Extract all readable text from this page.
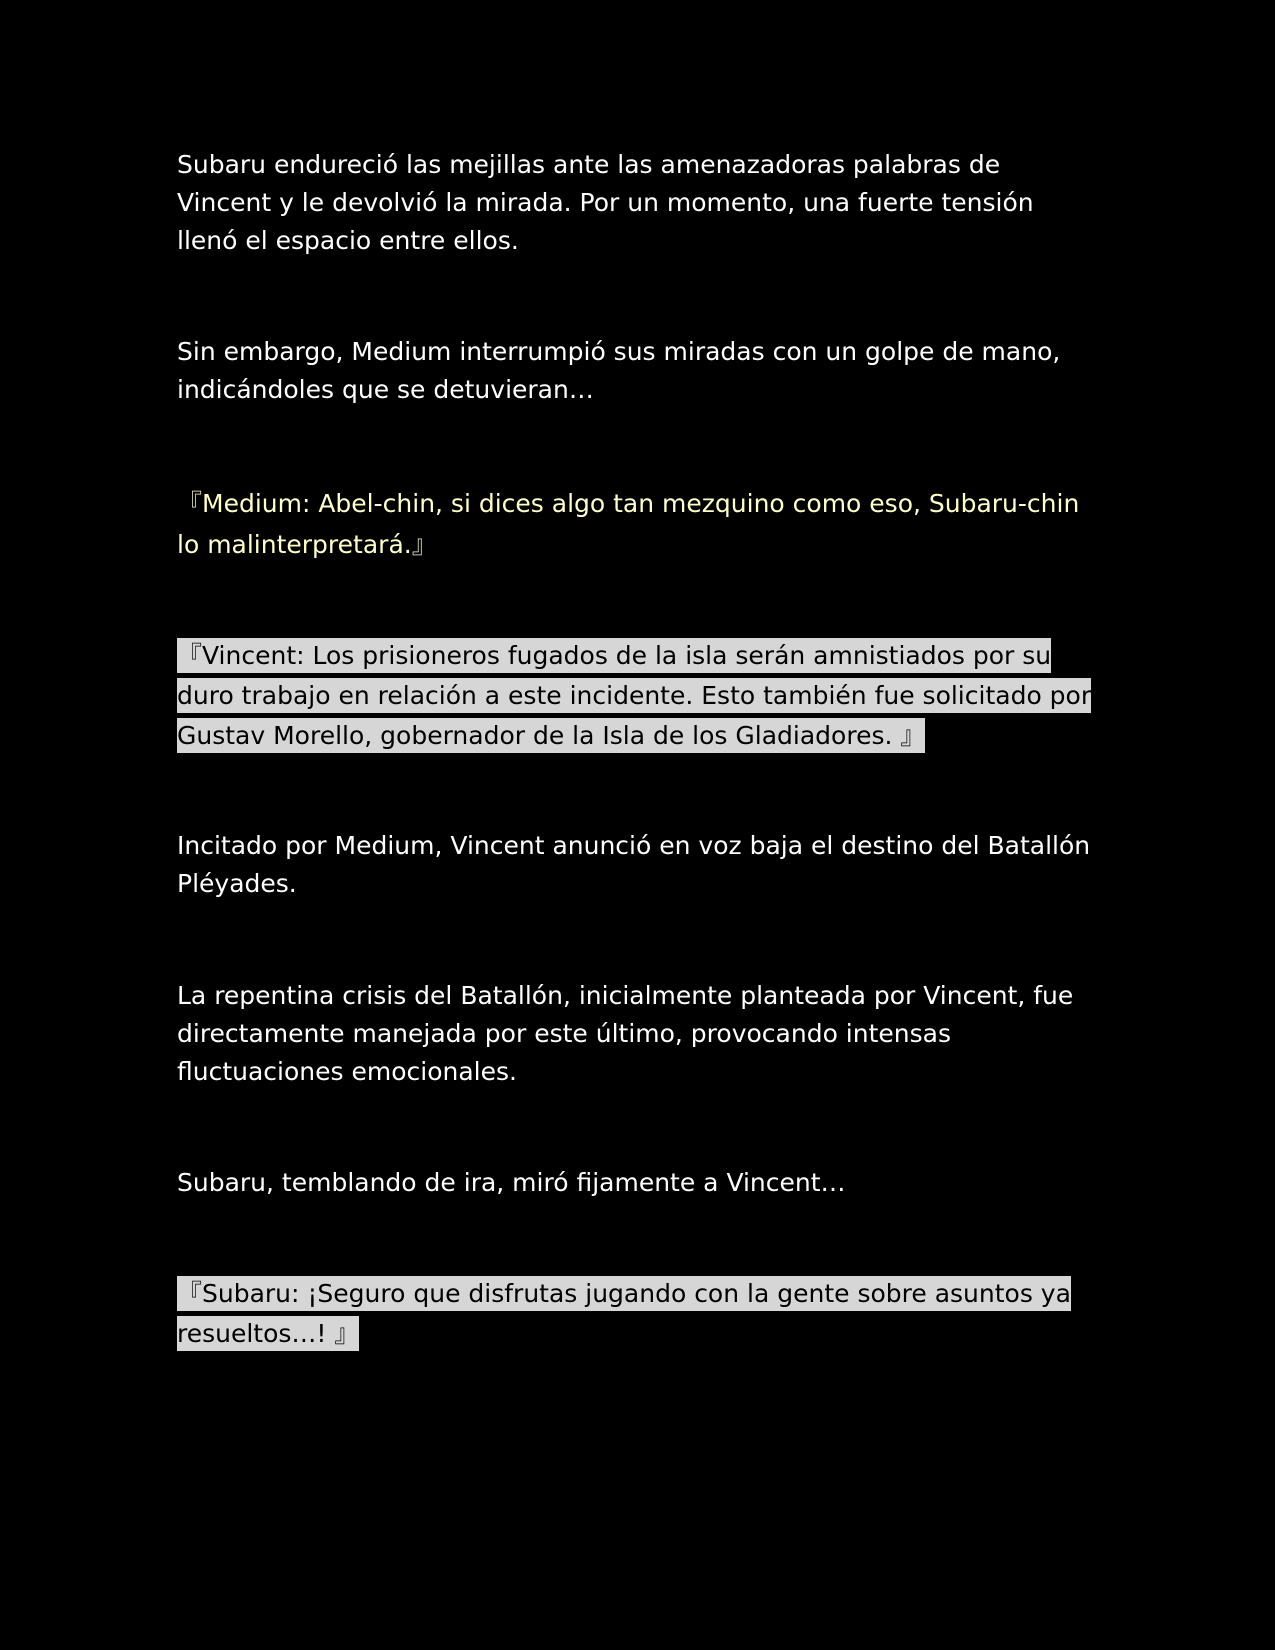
Subaru endureció las mejillas ante las amenazadoras palabras de Vincent y le devolvió la mirada. Por un momento, una fuerte tensión llenó el espacio entre ellos.

Sin embargo, Medium interrumpió sus miradas con un golpe de mano, indicándoles que se detuvieran…

『Medium: Abel-chin, si dices algo tan mezquino como eso, Subaru-chin lo malinterpretará.』

『Vincent: Los prisioneros fugados de la isla serán amnistiados por su duro trabajo en relación a este incidente. Esto también fue solicitado por Gustav Morello, gobernador de la Isla de los Gladiadores. 』

Incitado por Medium, Vincent anunció en voz baja el destino del Batallón Pléyades.

La repentina crisis del Batallón, inicialmente planteada por Vincent, fue directamente manejada por este último, provocando intensas fluctuaciones emocionales.

Subaru, temblando de ira, miró fijamente a Vincent…

『Subaru: ¡Seguro que disfrutas jugando con la gente sobre asuntos ya resueltos…! 』
